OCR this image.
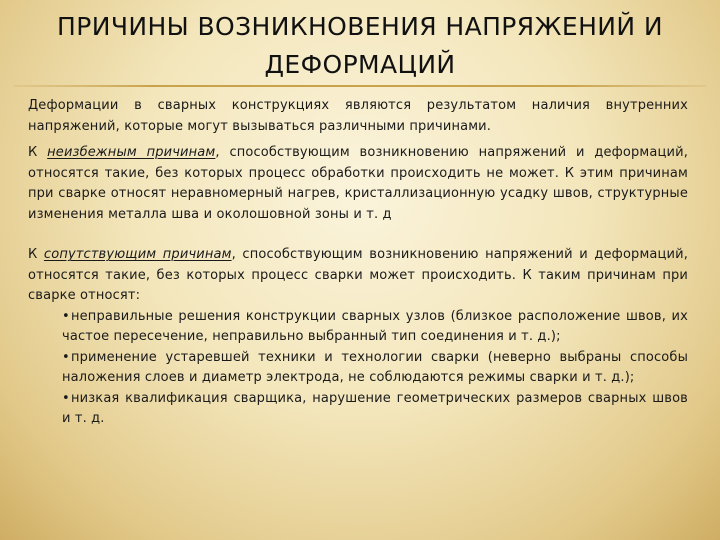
ПРИЧИНЫ ВОЗНИКНОВЕНИЯ НАПРЯЖЕНИЙ И
ДЕФОРМАЦИЙ

Деформации в сварных конструкциях являются результатом наличия внутренних напряжений, которые могут вызываться различными причинами.

К неизбежным причинам, способствующим возникновению напряжений и деформаций, относятся такие, без которых процесс обработки происходить не может. К этим причинам при сварке относят неравномерный нагрев, кристаллизационную усадку швов, структурные изменения металла шва и околошовной зоны и т. д

К сопутствующим причинам, способствующим возникновению напряжений и деформаций, относятся такие, без которых процесс сварки может происходить. К таким причинам при сварке относят:

•неправильные решения конструкции сварных узлов (близкое расположение швов, их частое пересечение, неправильно выбранный тип соединения и т. д.);
•применение устаревшей техники и технологии сварки (неверно выбраны способы наложения слоев и диаметр электрода, не соблюдаются режимы сварки и т. д.);
•низкая квалификация сварщика, нарушение геометрических размеров сварных швов и т. д.
